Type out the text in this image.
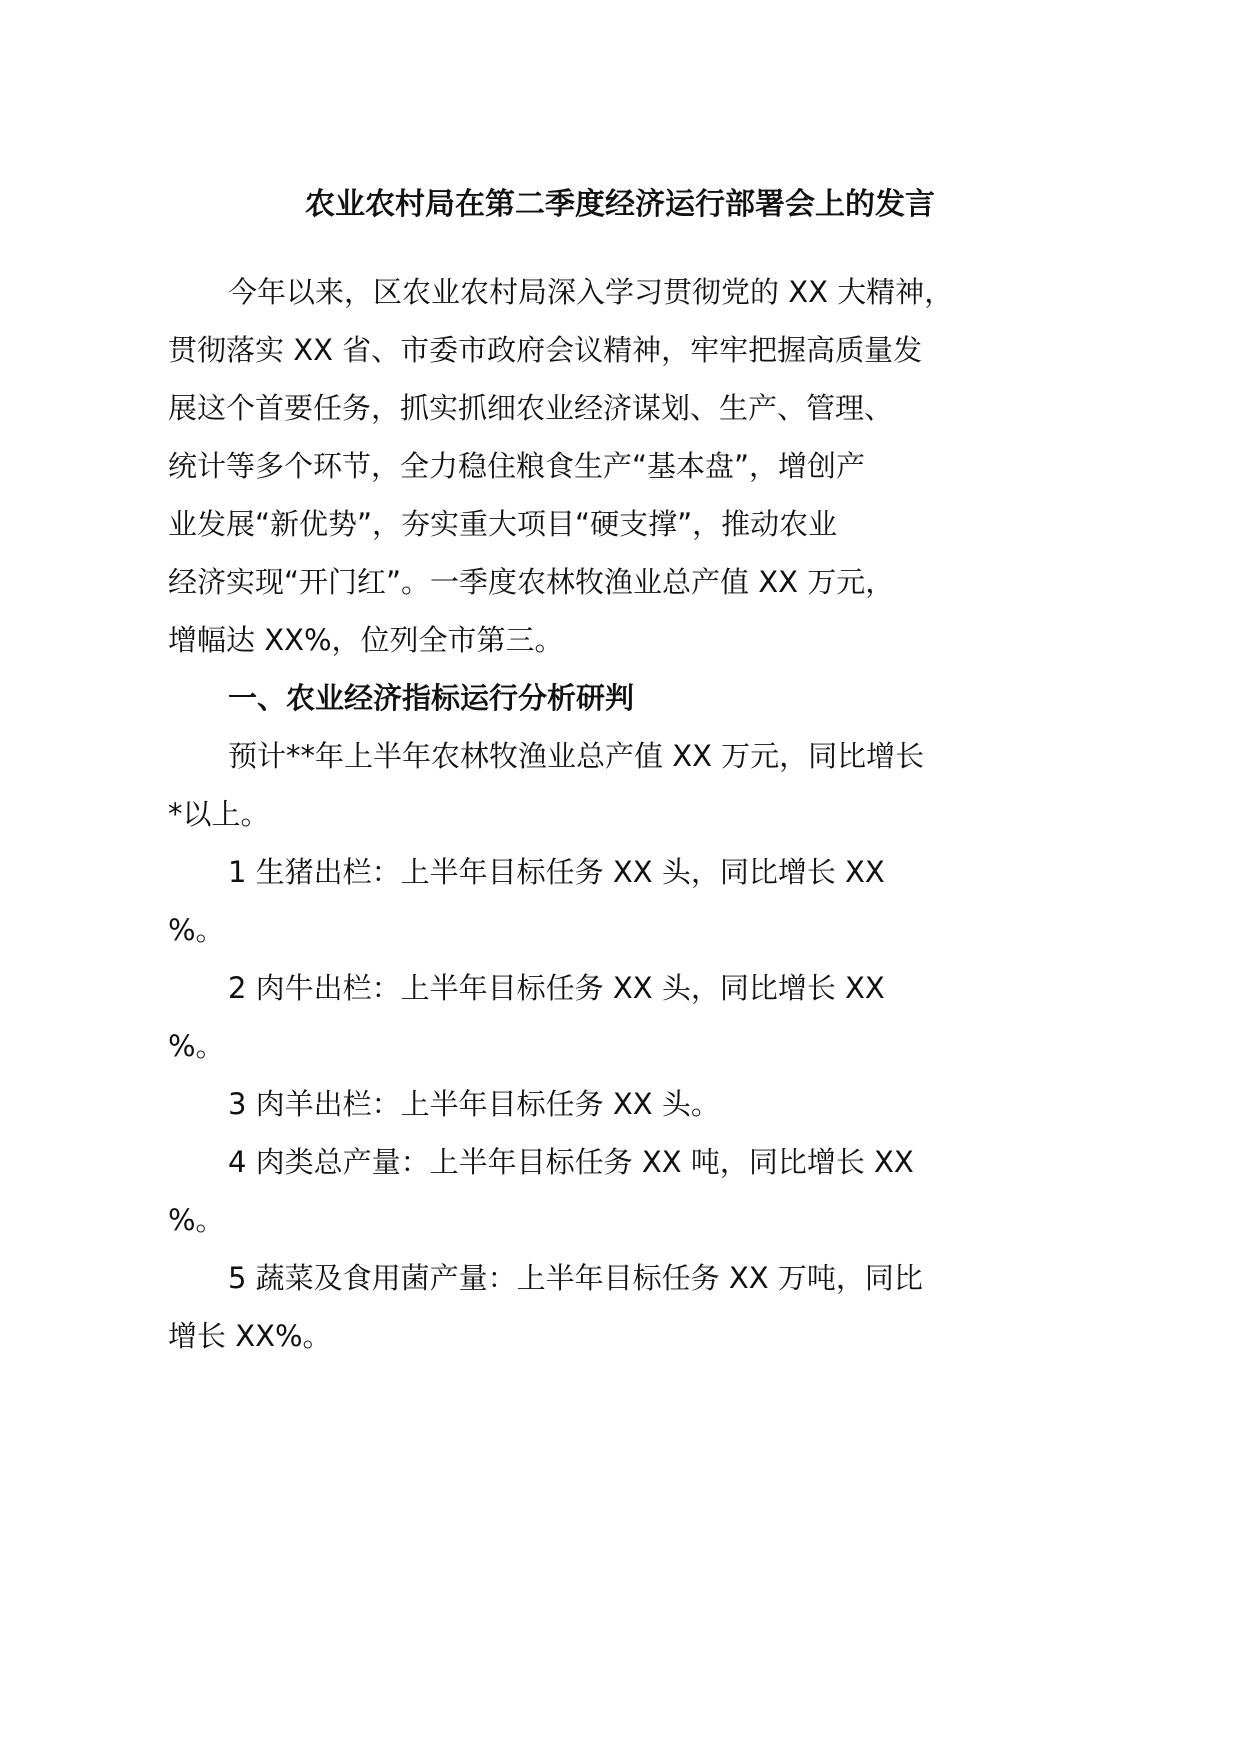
农业农村局在第二季度经济运行部署会上的发言
今年以来，区农业农村局深入学习贯彻党的 XX 大精神，
贯彻落实 XX 省、市委市政府会议精神，牢牢把握高质量发
展这个首要任务，抓实抓细农业经济谋划、生产、管理、
统计等多个环节，全力稳住粮食生产“基本盘”，增创产
业发展“新优势”，夯实重大项目“硬支撑”，推动农业
经济实现“开门红”。一季度农林牧渔业总产值 XX 万元，
增幅达 XX%，位列全市第三。
一、农业经济指标运行分析研判
预计**年上半年农林牧渔业总产值 XX 万元，同比增长
*以上。
1 生猪出栏：上半年目标任务 XX 头，同比增长 XX
%。
2 肉牛出栏：上半年目标任务 XX 头，同比增长 XX
%。
3 肉羊出栏：上半年目标任务 XX 头。
4 肉类总产量：上半年目标任务 XX 吨，同比增长 XX
%。
5 蔬菜及食用菌产量：上半年目标任务 XX 万吨，同比
增长 XX%。
